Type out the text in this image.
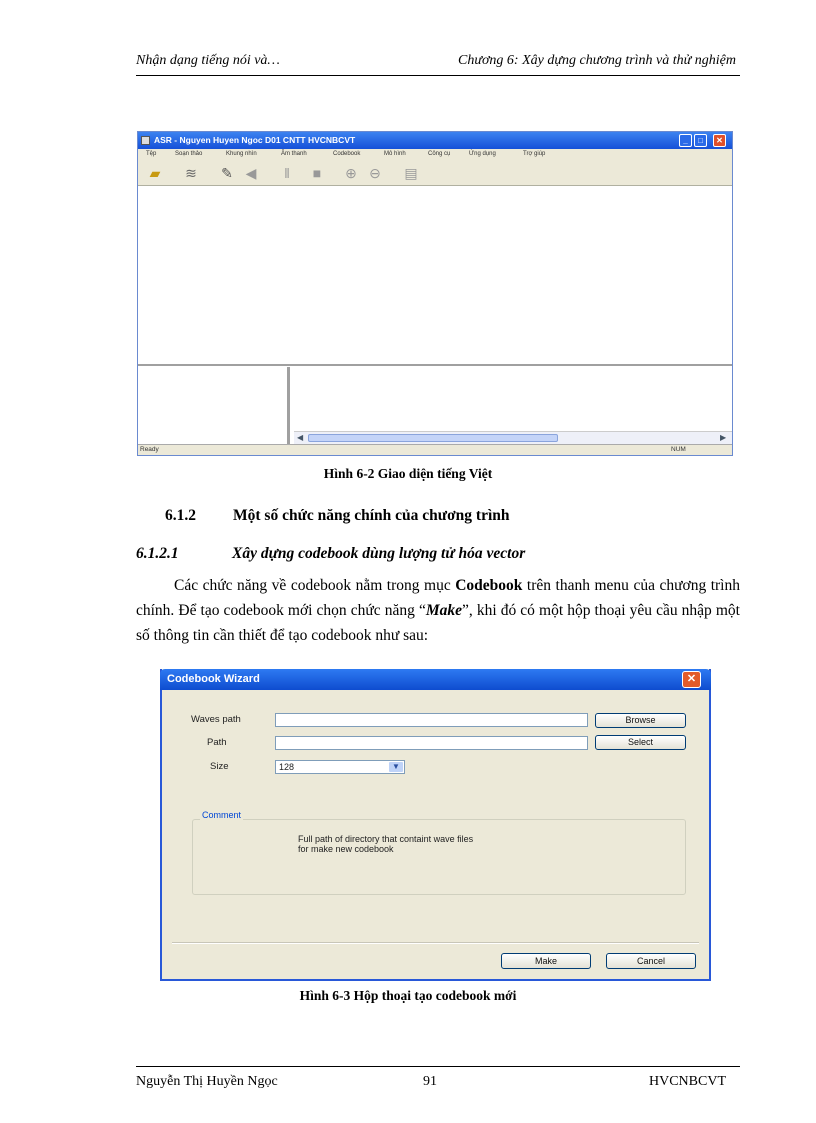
Nhận dạng tiếng nói và…	Chương 6: Xây dựng chương trình và thử nghiệm
ASR - Nguyen Huyen Ngoc D01 CNTT HVCNBCVT	_	□	✕
Tệp	Soạn thảo	Khung nhìn	Âm thanh	Codebook	Mô hình	Công cụ	Ứng dụng	Trợ giúp
▰ ≋ ✎ ◀	‖	■	⊕ ⊖ ▤
◀	▶
Ready	NUM
Hình 6-2 Giao diện tiếng Việt
6.1.2 Một số chức năng chính của chương trình
6.1.2.1	Xây dựng codebook dùng lượng tử hóa vector

Các chức năng về codebook nằm trong mục Codebook trên thanh menu của chương trình chính. Để tạo codebook mới chọn chức năng “Make”, khi đó có một hộp thoại yêu cầu nhập một số thông tin cần thiết để tạo codebook như sau:

Codebook Wizard	✕
Waves path	Browse
Path	Select
Size	128	▼
Comment
Full path of directory that containt wave files
for make new codebook
Make	Cancel
Hình 6-3 Hộp thoại tạo codebook mới
Nguyễn Thị Huyền Ngọc	91	HVCNBCVT
